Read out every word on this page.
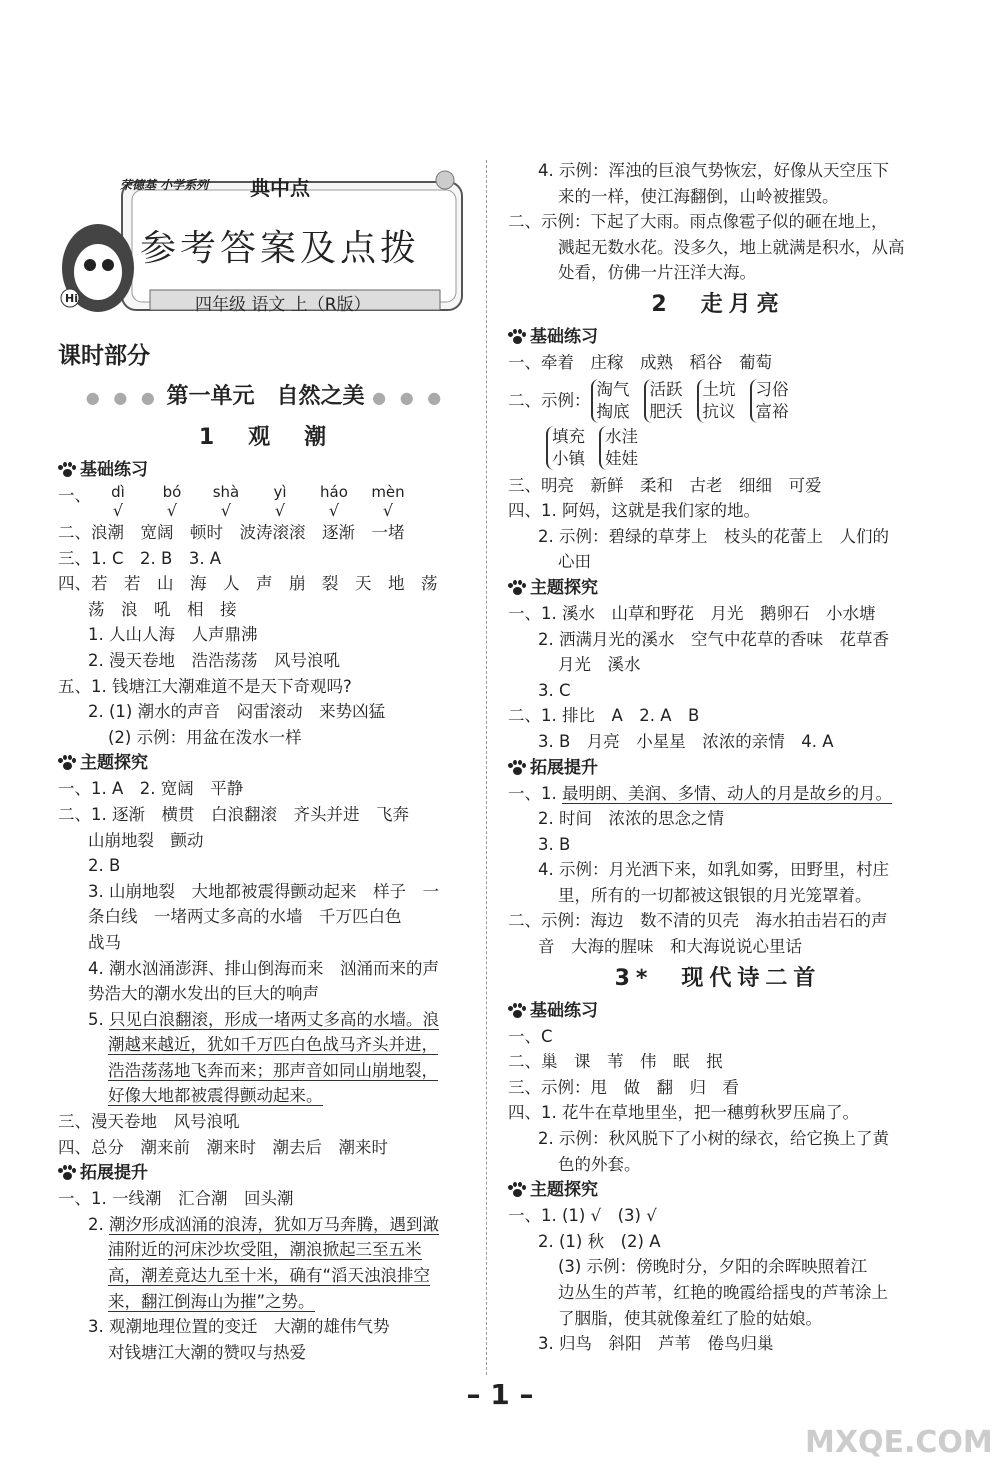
荣德基 小学系列 典中点
参考答案及点拨
四年级 语文 上（R版）
Hi
课时部分
● ● ● 第一单元　自然之美 ● ● ●
1　观　潮
基础练习
一、	dì	bó shà yì háo mèn
√	√	√	√	√	√
二、浪潮　宽阔　顿时　波涛滚滚　逐渐　一堵
三、1. C　2. B　3. A
四、若　若　山　海　人　声　崩　裂　天　地　荡
荡　浪　吼　相　接
1. 人山人海　人声鼎沸
2. 漫天卷地　浩浩荡荡　风号浪吼
五、1. 钱塘江大潮难道不是天下奇观吗?
2. (1) 潮水的声音　闷雷滚动　来势凶猛
(2) 示例：用盆在泼水一样
主题探究
一、1. A　2. 宽阔　平静
二、1. 逐渐　横贯　白浪翻滚　齐头并进　飞奔
山崩地裂　颤动
2. B
3. 山崩地裂　大地都被震得颤动起来　样子　一
条白线　一堵两丈多高的水墙　千万匹白色
战马
4. 潮水汹涌澎湃、排山倒海而来　汹涌而来的声
势浩大的潮水发出的巨大的响声
5. 只见白浪翻滚，形成一堵两丈多高的水墙。浪
潮越来越近，犹如千万匹白色战马齐头并进，
浩浩荡荡地飞奔而来；那声音如同山崩地裂，
好像大地都被震得颤动起来。
三、漫天卷地　风号浪吼
四、总分　潮来前　潮来时　潮去后　潮来时
拓展提升
一、1. 一线潮　汇合潮　回头潮
2. 潮汐形成汹涌的浪涛，犹如万马奔腾，遇到澉
浦附近的河床沙坎受阻，潮浪掀起三至五米
高，潮差竟达九至十米，确有“滔天浊浪排空
来，翻江倒海山为摧”之势。
3. 观潮地理位置的变迁　大潮的雄伟气势
对钱塘江大潮的赞叹与热爱
4. 示例：浑浊的巨浪气势恢宏，好像从天空压下
来的一样，使江海翻倒，山岭被摧毁。
二、示例：下起了大雨。雨点像雹子似的砸在地上，
溅起无数水花。没多久，地上就满是积水，从高
处看，仿佛一片汪洋大海。
2　走月亮
基础练习
一、牵着　庄稼　成熟　稻谷　葡萄
二、示例：
淘气
掏底
活跃
肥沃
土坑
抗议
习俗
富裕
填充
小镇
水洼
娃娃
三、明亮　新鲜　柔和　古老　细细　可爱
四、1. 阿妈，这就是我们家的地。
2. 示例：碧绿的草芽上　枝头的花蕾上　人们的
心田
主题探究
一、1. 溪水　山草和野花　月光　鹅卵石　小水塘
2. 洒满月光的溪水　空气中花草的香味　花草香
月光　溪水
3. C
二、1. 排比　A　2. A　B
3. B　月亮　小星星　浓浓的亲情　4. A
拓展提升
一、1. 最明朗、美润、多情、动人的月是故乡的月。
2. 时间　浓浓的思念之情
3. B
4. 示例：月光洒下来，如乳如雾，田野里，村庄
里，所有的一切都被这银银的月光笼罩着。
二、示例：海边　数不清的贝壳　海水拍击岩石的声
音　大海的腥味　和大海说说心里话
3*　现代诗二首
基础练习
一、C
二、巢　课　苇　伟　眠　抿
三、示例：甩　做　翻　归　看
四、1. 花牛在草地里坐，把一穗剪秋罗压扁了。
2. 示例：秋风脱下了小树的绿衣，给它换上了黄
色的外套。
主题探究
一、1. (1) √　(3) √
2. (1) 秋　(2) A
(3) 示例：傍晚时分，夕阳的余晖映照着江
边丛生的芦苇，红艳的晚霞给揺曳的芦苇涂上
了胭脂，使其就像羞红了脸的姑娘。
3. 归鸟　斜阳　芦苇　倦鸟归巢
– 1 –
MXQE.COM
